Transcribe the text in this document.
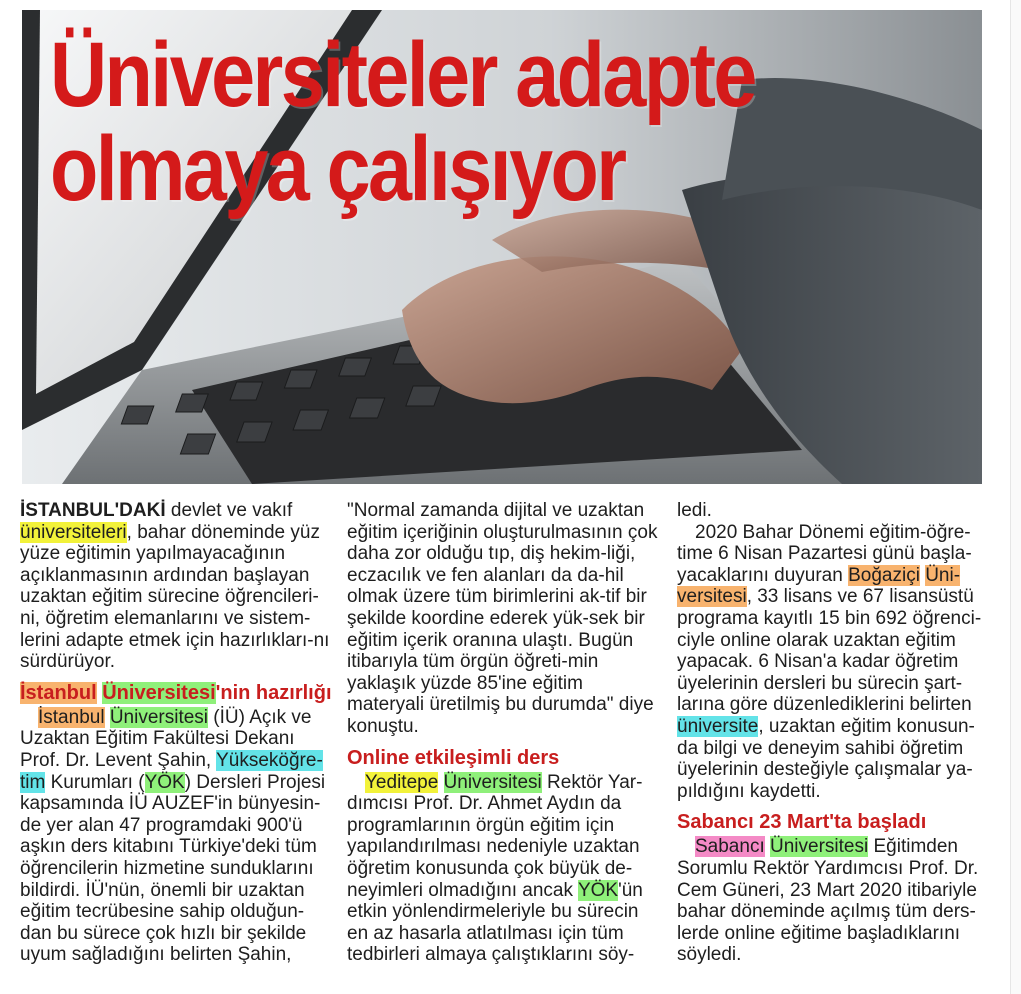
Üniversiteler adapte
olmaya çalışıyor

İSTANBUL'DAKİ devlet ve vakıf üniversiteleri, bahar döneminde yüz yüze eğitimin yapılmayacağının açıklanmasının ardından başlayan uzaktan eğitim sürecine öğrencileri-ni, öğretim elemanlarını ve sistem-lerini adapte etmek için hazırlıkları-nı sürdürüyor.

İstanbul Üniversitesi'nin hazırlığı

İstanbul Üniversitesi (İÜ) Açık ve Uzaktan Eğitim Fakültesi Dekanı Prof. Dr. Levent Şahin, Yükseköğre-tim Kurumları (YÖK) Dersleri Projesi kapsamında İÜ AUZEF'in bünyesin-de yer alan 47 programdaki 900'ü aşkın ders kitabını Türkiye'deki tüm öğrencilerin hizmetine sunduklarını bildirdi. İÜ'nün, önemli bir uzaktan eğitim tecrübesine sahip olduğun-dan bu sürece çok hızlı bir şekilde uyum sağladığını belirten Şahin,

"Normal zamanda dijital ve uzaktan eğitim içeriğinin oluşturulmasının çok daha zor olduğu tıp, diş hekim-liği, eczacılık ve fen alanları da da-hil olmak üzere tüm birimlerini ak-tif bir şekilde koordine ederek yük-sek bir eğitim içerik oranına ulaştı. Bugün itibarıyla tüm örgün öğreti-min yaklaşık yüzde 85'ine eğitim materyali üretilmiş bu durumda" diye konuştu.

Online etkileşimli ders

Yeditepe Üniversitesi Rektör Yar-dımcısı Prof. Dr. Ahmet Aydın da programlarının örgün eğitim için yapılandırılması nedeniyle uzaktan öğretim konusunda çok büyük de-neyimleri olmadığını ancak YÖK'ün etkin yönlendirmeleriyle bu sürecin en az hasarla atlatılması için tüm tedbirleri almaya çalıştıklarını söy-

ledi.

2020 Bahar Dönemi eğitim-öğre-time 6 Nisan Pazartesi günü başla-yacaklarını duyuran Boğaziçi Üni-versitesi, 33 lisans ve 67 lisansüstü programa kayıtlı 15 bin 692 öğrenci-ciyle online olarak uzaktan eğitim yapacak. 6 Nisan'a kadar öğretim üyelerinin dersleri bu sürecin şart-larına göre düzenlediklerini belirten üniversite, uzaktan eğitim konusun-da bilgi ve deneyim sahibi öğretim üyelerinin desteğiyle çalışmalar ya-pıldığını kaydetti.

Sabancı 23 Mart'ta başladı

Sabancı Üniversitesi Eğitimden Sorumlu Rektör Yardımcısı Prof. Dr. Cem Güneri, 23 Mart 2020 itibariyle bahar döneminde açılmış tüm ders-lerde online eğitime başladıklarını söyledi.
